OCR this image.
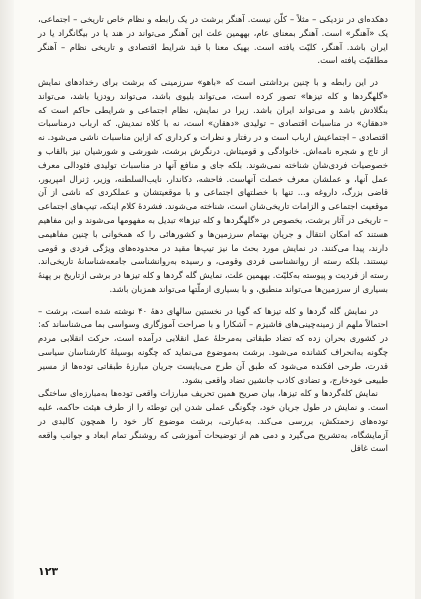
دهکده‌ای در نزدیکی – مثلاً – کلّن نیست. آهنگر برشت در یک رابطه و نظام خاص تاریخی – اجتماعی، یک «آهنگر» است. آهنگر بمعنای عام، بههمین علت این آهنگر می‌تواند در هند یا در بیگانگراد یا در ایران باشد. آهنگر، کلیّت یافته است. بهیک معنا با قید شرایط اقتصادی و تاریخی نظام – آهنگر مطلقیّت یافته است.

در این رابطه و با چنین برداشتی است که «باهو» سرزمینی که برشت برای رخدادهای نمایش «گلهگردها و کله تیزها» تصور کرده است، می‌تواند بلیوی باشد، می‌تواند رودزیا باشد، می‌تواند بنگلادش باشد و می‌تواند ایران باشد. زیرا در نمایش، نظام اجتماعی و شرایطی حاکم است که «دهقان» در مناسبات اقتصادی – تولیدی «دهقان» است، نه با کلاه نمدیش. که ارباب درمناسبات اقتصادی – اجتماعیش ارباب است و در رفتار و نظرات و کرداری که ازاین مناسبات ناشی می‌شود. نه از تاج و شجره نامه‌اش. خانوادگی و قومیتاش. درنگرش برشت، شورشی و شورشیان نیز بالقاب و خصوصیات فردی‌شان شناخته نمی‌شوند. بلکه جای و منافع آنها در مناسبات تولیدی فئودالی معرف عمل آنها، و عملشان معرف خصلت آنهاست. فاحشه، دکاندار، نایب‌السلطنه، وزیر، ژنرال امپریور، قاضی بزرگ، داروغه و... تنها با خصلتهای اجتماعی و با موقعیتشان و عملکردی که ناشی از آن موقعیت اجتماعی و الزامات تاریخی‌شان است، شناخته می‌شوند. فشردهٔ کلام اینکه، تیپ‌های اجتماعی – تاریخی در آثار برشت، بخصوص در «گلهگردها و کله تیزها» تبدیل به مفهومها می‌شوند و این مفاهیم هستند که امکان انتقال و جریان بهتمام سرزمین‌ها و کشورهائی را که همخوانی با چنین مفاهیمی دارند، پیدا می‌کنند. در نمایش مورد بحث ما نیز تیپ‌ها مقید در محدوده‌های ویژگی فردی و قومی نیستند. بلکه رسته از روانشناسی فردی وقومی، و رسیده به‌روانشناسی جامعه‌شناسانهٔ تاریخی‌اند. رسته از فردیت و پیوسته به‌کلیّت. بههمین علت، نمایش گله گردها و کله تیزها در برشی ازتاریخ بر پهنهٔ بسیاری از سرزمین‌ها می‌تواند منطبق، و با بسیاری ازملّتها می‌تواند همزبان باشد.

در نمایش گله گردها و کله تیزها که گویا در نخستین سالهای دههٔ ۴۰ نوشته شده است، برشت – احتمالاً ملهم از زمینه‌چینی‌های فاشیزم – آشکارا و با صراحت آموزگاری وسواسی بما می‌شناساند که: در کشوری بحران زده که تضاد طبقاتی به‌مرحلهٔ عمل انقلابی درآمده است، حرکت انقلابی مردم چگونه به‌انحراف کشانده می‌شود. برشت به‌موضوع می‌نماید که چگونه بوسیلهٔ کارشناسان سیاسی قدرت، طرحی افکنده می‌شود که طبق آن طرح می‌بایست جریان مبارزهٔ طبقاتی توده‌ها از مسیر طبیعی خودخارج، و تضادی کاذب جانشین تضاد واقعی بشود.

نمایش کله‌گردها و کله تیزها، بیان صریح همین تحریف مبارزات واقعی توده‌ها به‌مبارزه‌ای ساختگی است. و نمایش در طول جریان خود، چگونگی عملی شدن این توطئه را از طرف هیئت حاکمه، علیه توده‌های زحمتکش، بررسی می‌کند. به‌عبارتی، برشت موضوع کار خود را همچون کالبدی در آزمایشگاه، به‌تشریح می‌گیرد و دمی هم از توضیحات آموزشی که روشنگر تمام ابعاد و جوانب واقعه است غافل

۱۲۳
